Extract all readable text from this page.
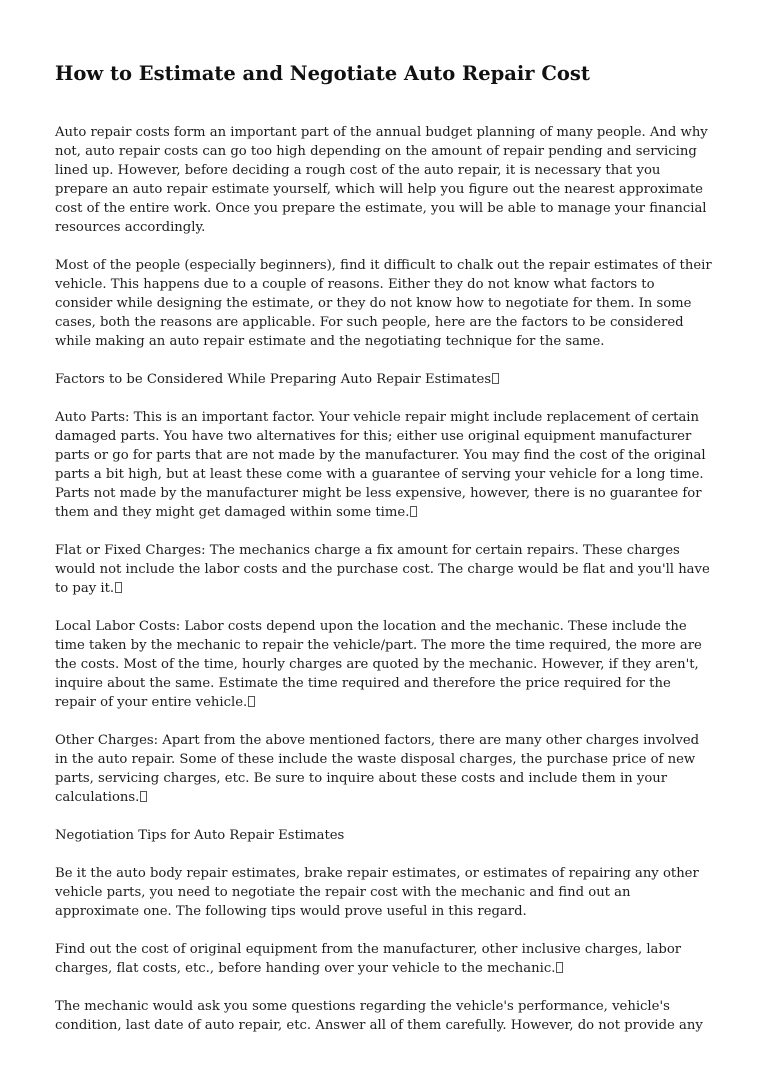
How to Estimate and Negotiate Auto Repair Cost

Auto repair costs form an important part of the annual budget planning of many people. And why not, auto repair costs can go too high depending on the amount of repair pending and servicing lined up. However, before deciding a rough cost of the auto repair, it is necessary that you prepare an auto repair estimate yourself, which will help you figure out the nearest approximate cost of the entire work. Once you prepare the estimate, you will be able to manage your financial resources accordingly.

Most of the people (especially beginners), find it difficult to chalk out the repair estimates of their vehicle. This happens due to a couple of reasons. Either they do not know what factors to consider while designing the estimate, or they do not know how to negotiate for them. In some cases, both the reasons are applicable. For such people, here are the factors to be considered while making an auto repair estimate and the negotiating technique for the same.

Factors to be Considered While Preparing Auto Repair Estimates

Auto Parts: This is an important factor. Your vehicle repair might include replacement of certain damaged parts. You have two alternatives for this; either use original equipment manufacturer parts or go for parts that are not made by the manufacturer. You may find the cost of the original parts a bit high, but at least these come with a guarantee of serving your vehicle for a long time. Parts not made by the manufacturer might be less expensive, however, there is no guarantee for them and they might get damaged within some time.

Flat or Fixed Charges: The mechanics charge a fix amount for certain repairs. These charges would not include the labor costs and the purchase cost. The charge would be flat and you'll have to pay it.

Local Labor Costs: Labor costs depend upon the location and the mechanic. These include the time taken by the mechanic to repair the vehicle/part. The more the time required, the more are the costs. Most of the time, hourly charges are quoted by the mechanic. However, if they aren't, inquire about the same. Estimate the time required and therefore the price required for the repair of your entire vehicle.

Other Charges: Apart from the above mentioned factors, there are many other charges involved in the auto repair. Some of these include the waste disposal charges, the purchase price of new parts, servicing charges, etc. Be sure to inquire about these costs and include them in your calculations.

Negotiation Tips for Auto Repair Estimates

Be it the auto body repair estimates, brake repair estimates, or estimates of repairing any other vehicle parts, you need to negotiate the repair cost with the mechanic and find out an approximate one. The following tips would prove useful in this regard.

Find out the cost of original equipment from the manufacturer, other inclusive charges, labor charges, flat costs, etc., before handing over your vehicle to the mechanic.

The mechanic would ask you some questions regarding the vehicle's performance, vehicle's condition, last date of auto repair, etc. Answer all of them carefully. However, do not provide any
